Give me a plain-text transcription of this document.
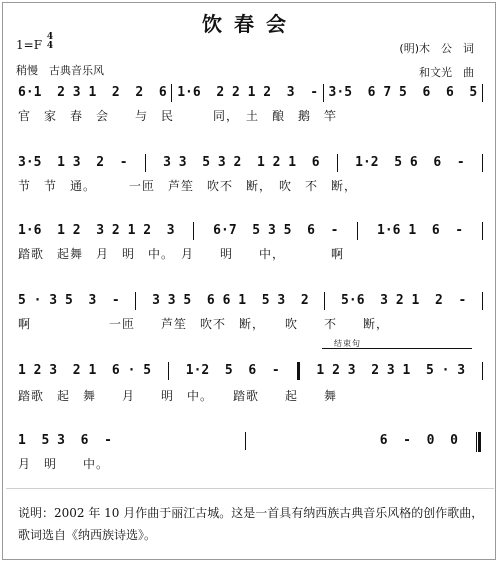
饮春会
1=F
4
4
稍慢　古典音乐风
(明)木　公　词
和文光　曲
6·1  2 3 1  2  2  6 1·6  2 2 1 2  3  - 3·5  6 7 5  6  6  5
官　家　春　会　　与　民　　　同，　土　酿　鹅　竿
3·5  1 3  2  -	3 3  5 3 2  1 2 1  6	1·2  5 6  6  -
节　节　通。　　　一匝　芦笙　吹不　断，　吹　不　断，
1·6  1 2  3 2 1 2  3	6·7  5 3 5  6  -	1·6 1  6  -
踏歌　起舞　月　明　中。　月　　明　　中，　　　　啊
5 · 3 5  3  - 3 3 5  6 6 1  5 3  2 5·6  3 2 1  2  -
啊　　　　　　一匝　　芦笙　吹不　断，　　吹　　不　　断，
结束句
1 2 3  2 1  6 · 5	1·2  5  6  -	1 2 3  2 3 1  5 · 3
踏歌　起　舞　　月　　明　中。　　踏歌　　起　　舞
1  5 3  6  -	6  -  0  0
月　明　　中。
说明：2002 年 10 月作曲于丽江古城。这是一首具有纳西族古典音乐风格的创作歌曲，歌词选自《纳西族诗选》。
